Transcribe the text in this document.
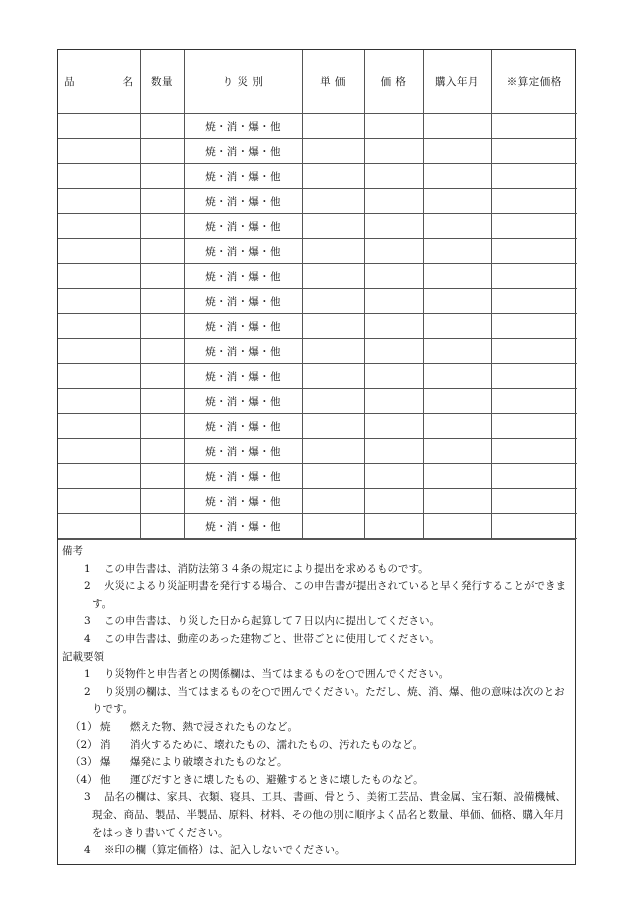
品 名	数量	り 災 別	単 価	価 格	購入年月	※算定価格
		焼・消・爆・他				
		焼・消・爆・他				
		焼・消・爆・他				
		焼・消・爆・他				
		焼・消・爆・他				
		焼・消・爆・他				
		焼・消・爆・他				
		焼・消・爆・他				
		焼・消・爆・他				
		焼・消・爆・他				
		焼・消・爆・他				
		焼・消・爆・他				
		焼・消・爆・他				
		焼・消・爆・他				
		焼・消・爆・他				
		焼・消・爆・他				
		焼・消・爆・他				

備考

1 この申告書は、消防法第３４条の規定により提出を求めるものです。

2 火災によるり災証明書を発行する場合、この申告書が提出されていると早く発行することができます。

3 この申告書は、り災した日から起算して７日以内に提出してください。

4 この申告書は、動産のあった建物ごと、世帯ごとに使用してください。

記載要領

1 り災物件と申告者との関係欄は、当てはまるものを○で囲んでください。

2 り災別の欄は、当てはまるものを○で囲んでください。ただし、焼、消、爆、他の意味は次のとおりです。

（1） 焼 燃えた物、熱で浸されたものなど。

（2） 消 消火するために、壊れたもの、濡れたもの、汚れたものなど。

（3） 爆 爆発により破壊されたものなど。

（4） 他 運びだすときに壊したもの、避難するときに壊したものなど。

3 品名の欄は、家具、衣類、寝具、工具、書画、骨とう、美術工芸品、貴金属、宝石類、設備機械、現金、商品、製品、半製品、原料、材料、その他の別に順序よく品名と数量、単価、価格、購入年月をはっきり書いてください。

4 ※印の欄（算定価格）は、記入しないでください。
